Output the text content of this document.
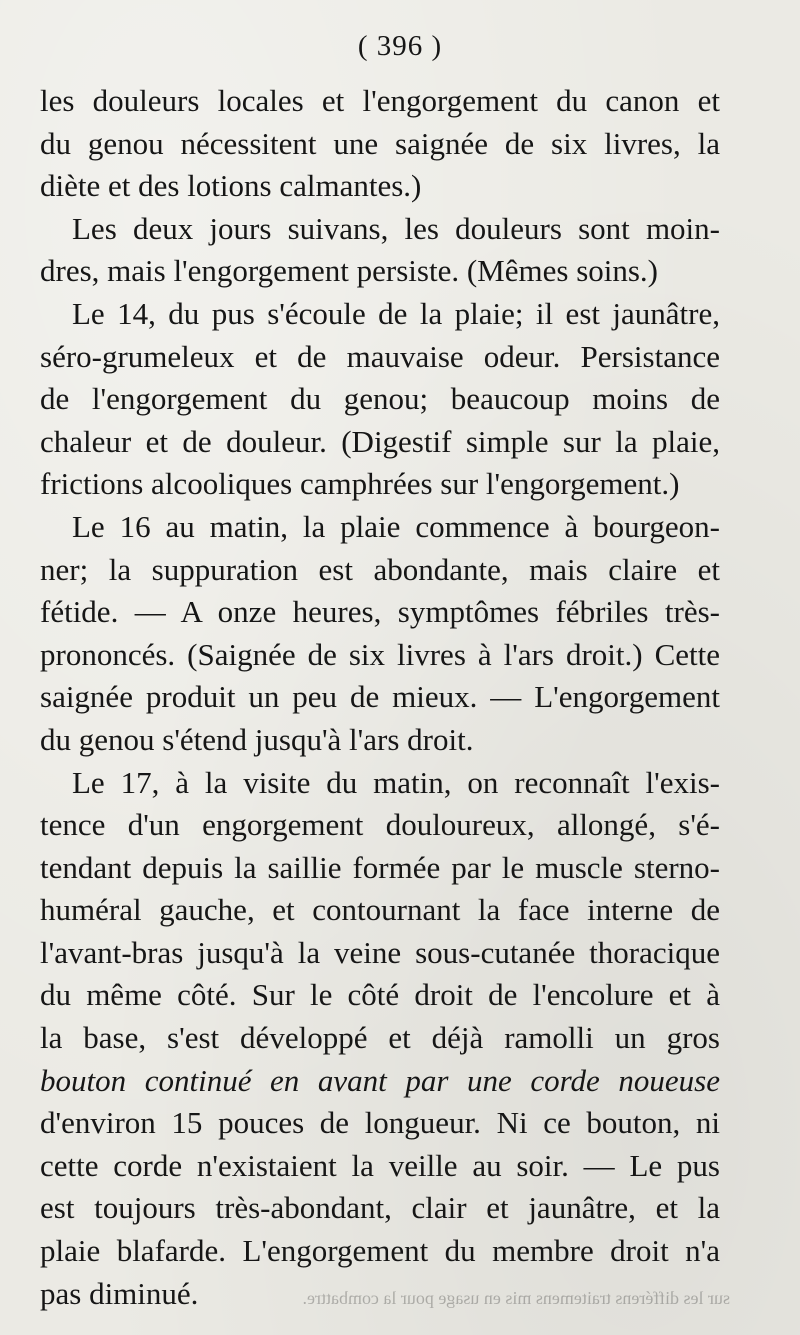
( 396 )
les douleurs locales et l'engorgement du canon et
du genou nécessitent une saignée de six livres, la
diète et des lotions calmantes.)
Les deux jours suivans, les douleurs sont moin-
dres, mais l'engorgement persiste. (Mêmes soins.)
Le 14, du pus s'écoule de la plaie; il est jaunâtre,
séro-grumeleux et de mauvaise odeur. Persistance
de l'engorgement du genou; beaucoup moins de
chaleur et de douleur. (Digestif simple sur la plaie,
frictions alcooliques camphrées sur l'engorgement.)
Le 16 au matin, la plaie commence à bourgeon-
ner; la suppuration est abondante, mais claire et
fétide. — A onze heures, symptômes fébriles très-
prononcés. (Saignée de six livres à l'ars droit.) Cette
saignée produit un peu de mieux. — L'engorgement
du genou s'étend jusqu'à l'ars droit.
Le 17, à la visite du matin, on reconnaît l'exis-
tence d'un engorgement douloureux, allongé, s'é-
tendant depuis la saillie formée par le muscle sterno-
huméral gauche, et contournant la face interne de
l'avant-bras jusqu'à la veine sous-cutanée thoracique
du même côté. Sur le côté droit de l'encolure et à
la base, s'est développé et déjà ramolli un gros
bouton continué en avant par une corde noueuse
d'environ 15 pouces de longueur. Ni ce bouton, ni
cette corde n'existaient la veille au soir. — Le pus
est toujours très-abondant, clair et jaunâtre, et la
plaie blafarde. L'engorgement du membre droit n'a
pas diminué.	sur les différens traitemens mis en usage pour la combattre.
